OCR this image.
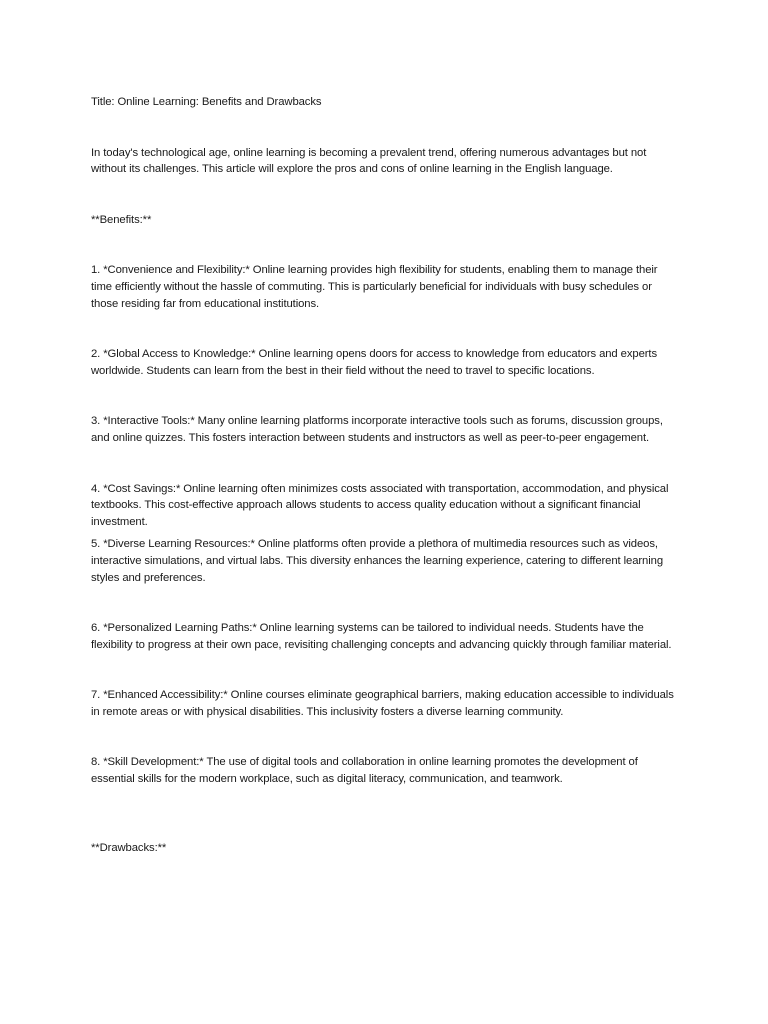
Title: Online Learning: Benefits and Drawbacks

In today's technological age, online learning is becoming a prevalent trend, offering numerous advantages but not without its challenges. This article will explore the pros and cons of online learning in the English language.

**Benefits:**

1. *Convenience and Flexibility:* Online learning provides high flexibility for students, enabling them to manage their time efficiently without the hassle of commuting. This is particularly beneficial for individuals with busy schedules or those residing far from educational institutions.

2. *Global Access to Knowledge:* Online learning opens doors for access to knowledge from educators and experts worldwide. Students can learn from the best in their field without the need to travel to specific locations.

3. *Interactive Tools:* Many online learning platforms incorporate interactive tools such as forums, discussion groups, and online quizzes. This fosters interaction between students and instructors as well as peer-to-peer engagement.

4. *Cost Savings:* Online learning often minimizes costs associated with transportation, accommodation, and physical textbooks. This cost-effective approach allows students to access quality education without a significant financial investment.

5. *Diverse Learning Resources:* Online platforms often provide a plethora of multimedia resources such as videos, interactive simulations, and virtual labs. This diversity enhances the learning experience, catering to different learning styles and preferences.

6. *Personalized Learning Paths:* Online learning systems can be tailored to individual needs. Students have the flexibility to progress at their own pace, revisiting challenging concepts and advancing quickly through familiar material.

7. *Enhanced Accessibility:* Online courses eliminate geographical barriers, making education accessible to individuals in remote areas or with physical disabilities. This inclusivity fosters a diverse learning community.

8. *Skill Development:* The use of digital tools and collaboration in online learning promotes the development of essential skills for the modern workplace, such as digital literacy, communication, and teamwork.

**Drawbacks:**
